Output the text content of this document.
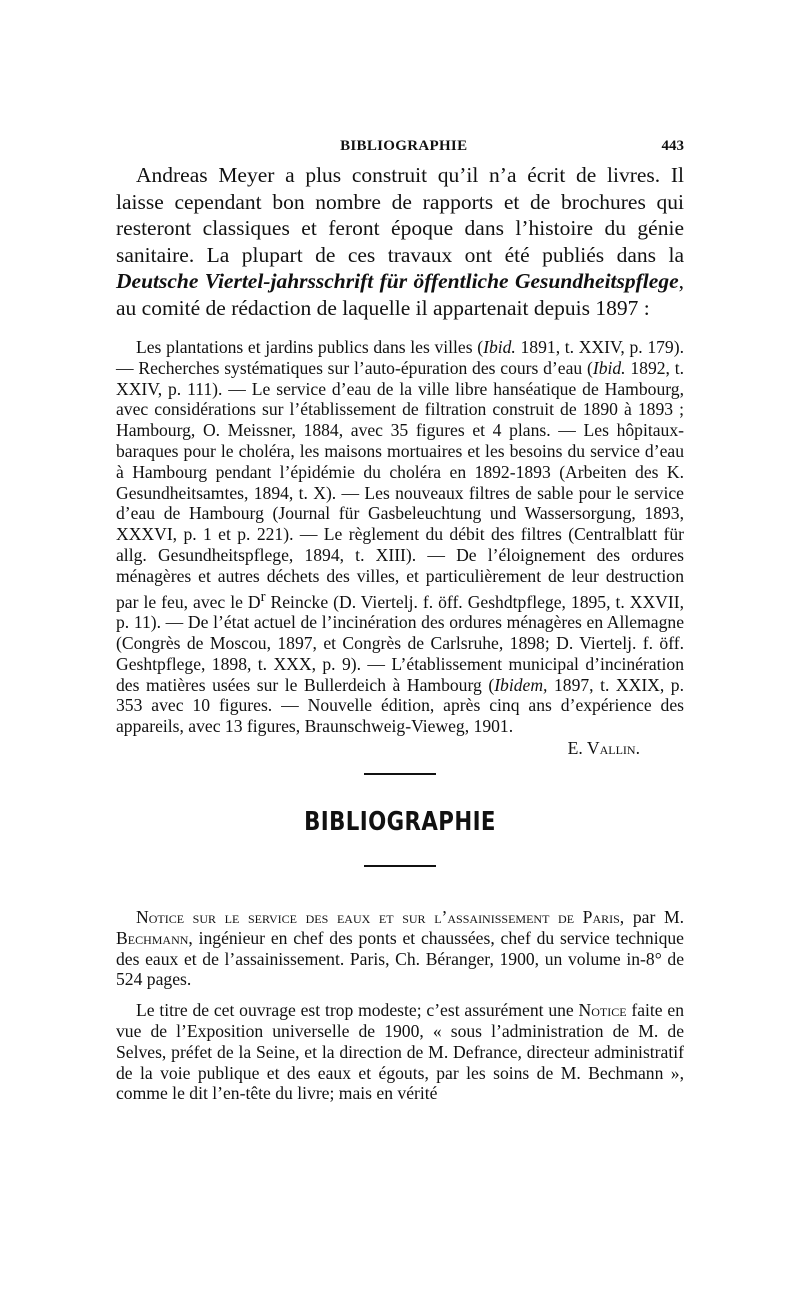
BIBLIOGRAPHIE	443

Andreas Meyer a plus construit qu’il n’a écrit de livres. Il laisse cependant bon nombre de rapports et de brochures qui resteront classiques et feront époque dans l’histoire du génie sanitaire. La plupart de ces travaux ont été publiés dans la Deutsche Viertel-jahrsschrift für öffentliche Gesundheitspflege, au comité de rédaction de laquelle il appartenait depuis 1897 :

Les plantations et jardins publics dans les villes (Ibid. 1891, t. XXIV, p. 179). — Recherches systématiques sur l’auto-épuration des cours d’eau (Ibid. 1892, t. XXIV, p. 111). — Le service d’eau de la ville libre hanséatique de Hambourg, avec considérations sur l’établissement de filtration construit de 1890 à 1893 ; Hambourg, O. Meissner, 1884, avec 35 figures et 4 plans. — Les hôpitaux-baraques pour le choléra, les maisons mortuaires et les besoins du service d’eau à Hambourg pendant l’épidémie du choléra en 1892-1893 (Arbeiten des K. Gesundheitsamtes, 1894, t. X). — Les nouveaux filtres de sable pour le service d’eau de Hambourg (Journal für Gasbeleuchtung und Wassersorgung, 1893, XXXVI, p. 1 et p. 221). — Le règlement du débit des filtres (Centralblatt für allg. Gesundheitspflege, 1894, t. XIII). — De l’éloignement des ordures ménagères et autres déchets des villes, et particulièrement de leur destruction par le feu, avec le $D^r$ Reincke (D. Viertelj. f. öff. Geshdtpflege, 1895, t. XXVII, p. 11). — De l’état actuel de l’incinération des ordures ménagères en Allemagne (Congrès de Moscou, 1897, et Congrès de Carlsruhe, 1898; D. Viertelj. f. öff. Geshtpflege, 1898, t. XXX, p. 9). — L’établissement municipal d’incinération des matières usées sur le Bullerdeich à Hambourg (Ibidem, 1897, t. XXIX, p. 353 avec 10 figures. — Nouvelle édition, après cinq ans d’expérience des appareils, avec 13 figures, Braunschweig-Vieweg, 1901.

E. Vallin.
BIBLIOGRAPHIE

Notice sur le service des eaux et sur l’assainissement de Paris, par M. Bechmann, ingénieur en chef des ponts et chaussées, chef du service technique des eaux et de l’assainissement. Paris, Ch. Béranger, 1900, un volume in-8° de 524 pages.

Le titre de cet ouvrage est trop modeste; c’est assurément une Notice faite en vue de l’Exposition universelle de 1900, « sous l’administration de M. de Selves, préfet de la Seine, et la direction de M. Defrance, directeur administratif de la voie publique et des eaux et égouts, par les soins de M. Bechmann », comme le dit l’en-tête du livre; mais en vérité
